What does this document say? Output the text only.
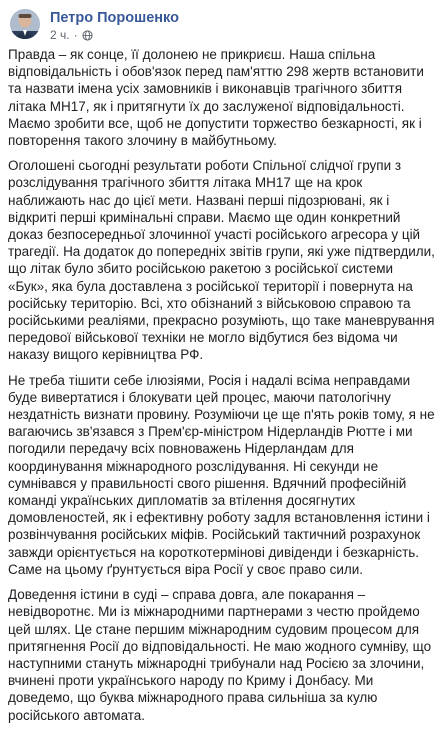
Петро Порошенко
2 ч. ·

Правда – як сонце, її долонею не прикриєш. Наша спільна відповідальність і обов'язок перед пам'яттю 298 жертв встановити та назвати імена усіх замовників і виконавців трагічного збиття літака MH17, як і притягнути їх до заслуженої відповідальності. Маємо зробити все, щоб не допустити торжество безкарності, як і повторення такого злочину в майбутньому.

Оголошені сьогодні результати роботи Спільної слідчої групи з розслідування трагічного збиття літака MH17 ще на крок наближають нас до цієї мети. Названі перші підозрювані, як і відкриті перші кримінальні справи. Маємо ще один конкретний доказ безпосередньої злочинної участі російського агресора у цій трагедії. На додаток до попередніх звітів групи, які уже підтвердили, що літак було збито російською ракетою з російської системи «Бук», яка була доставлена з російської території і повернута на російську територію. Всі, хто обізнаний з військовою справою та російськими реаліями, прекрасно розуміють, що таке маневрування передової військової техніки не могло відбутися без відома чи наказу вищого керівництва РФ.

Не треба тішити себе ілюзіями, Росія і надалі всіма неправдами буде вивертатися і блокувати цей процес, маючи патологічну нездатність визнати провину. Розуміючи це ще п'ять років тому, я не вагаючись зв'язався з Прем'єр-міністром Нідерландів Рютте і ми погодили передачу всіх повноважень Нідерландам для координування міжнародного розслідування. Ні секунди не сумнівався у правильності свого рішення. Вдячний професійній команді українських дипломатів за втілення досягнутих домовленостей, як і ефективну роботу задля встановлення істини і розвінчування російських міфів. Російський тактичний розрахунок завжди орієнтується на короткотермінові дивіденди і безкарність. Саме на цьому ґрунтується віра Росії у своє право сили.

Доведення істини в суді – справа довга, але покарання – невідворотнє. Ми із міжнародними партнерами з честю пройдемо цей шлях. Це стане першим міжнародним судовим процесом для притягнення Росії до відповідальності. Не маю жодного сумніву, що наступними стануть міжнародні трибунали над Росією за злочини, вчинені проти українського народу по Криму і Донбасу. Ми доведемо, що буква міжнародного права сильніша за кулю російського автомата.
